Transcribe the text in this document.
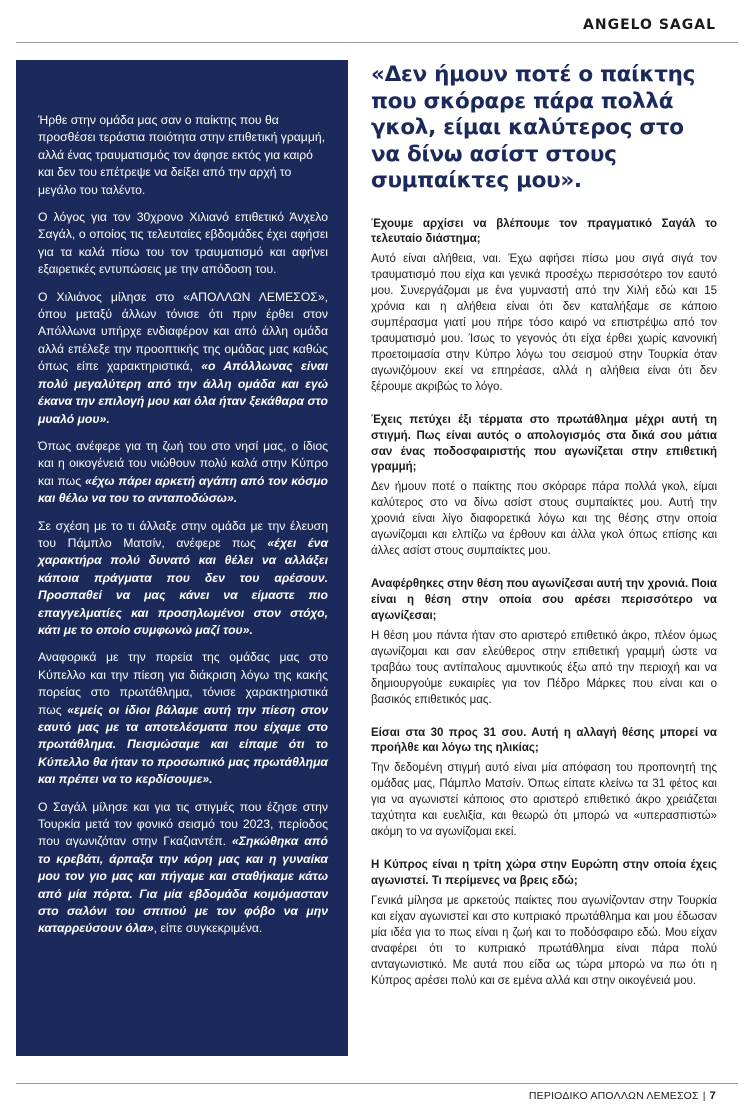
ANGELO SAGAL

Ήρθε στην ομάδα μας σαν ο παίκτης που θα προσθέσει τεράστια ποιότητα στην επιθετική γραμμή, αλλά ένας τραυματισμός τον άφησε εκτός για καιρό και δεν του επέτρεψε να δείξει από την αρχή το μεγάλο του ταλέντο.

Ο λόγος για τον 30χρονο Χιλιανό επιθετικό Άνχελο Σαγάλ, ο οποίος τις τελευταίες εβδομάδες έχει αφήσει για τα καλά πίσω του τον τραυματισμό και αφήνει εξαιρετικές εντυπώσεις με την απόδοση του.

Ο Χιλιάνος μίλησε στο «ΑΠΟΛΛΩΝ ΛΕΜΕΣΟΣ», όπου μεταξύ άλλων τόνισε ότι πριν έρθει στον Απόλλωνα υπήρχε ενδιαφέρον και από άλλη ομάδα αλλά επέλεξε την προοπτικής της ομάδας μας καθώς όπως είπε χαρακτηριστικά, «ο Απόλλωνας είναι πολύ μεγαλύτερη από την άλλη ομάδα και εγώ έκανα την επιλογή μου και όλα ήταν ξεκάθαρα στο μυαλό μου».

Όπως ανέφερε για τη ζωή του στο νησί μας, ο ίδιος και η οικογένειά του νιώθουν πολύ καλά στην Κύπρο και πως «έχω πάρει αρκετή αγάπη από τον κόσμο και θέλω να του το ανταποδώσω».

Σε σχέση με το τι άλλαξε στην ομάδα με την έλευση του Πάμπλο Ματσίν, ανέφερε πως «έχει ένα χαρακτήρα πολύ δυνατό και θέλει να αλλάξει κάποια πράγματα που δεν του αρέσουν. Προσπαθεί να μας κάνει να είμαστε πιο επαγγελματίες και προσηλωμένοι στον στόχο, κάτι με το οποίο συμφωνώ μαζί του».

Αναφορικά με την πορεία της ομάδας μας στο Κύπελλο και την πίεση για διάκριση λόγω της κακής πορείας στο πρωτάθλημα, τόνισε χαρακτηριστικά πως «εμείς οι ίδιοι βάλαμε αυτή την πίεση στον εαυτό μας με τα αποτελέσματα που είχαμε στο πρωτάθλημα. Πεισμώσαμε και είπαμε ότι το Κύπελλο θα ήταν το προσωπικό μας πρωτάθλημα και πρέπει να το κερδίσουμε».

Ο Σαγάλ μίλησε και για τις στιγμές που έζησε στην Τουρκία μετά τον φονικό σεισμό του 2023, περίοδος που αγωνιζόταν στην Γκαζιαντέπ. «Σηκώθηκα από το κρεβάτι, άρπαξα την κόρη μας και η γυναίκα μου τον γιο μας και πήγαμε και σταθήκαμε κάτω από μία πόρτα. Για μία εβδομάδα κοιμόμασταν στο σαλόνι του σπιτιού με τον φόβο να μην καταρρεύσουν όλα», είπε συγκεκριμένα.

«Δεν ήμουν ποτέ ο παίκτης που σκόραρε πάρα πολλά γκολ, είμαι καλύτερος στο να δίνω ασίστ στους συμπαίκτες μου».

Έχουμε αρχίσει να βλέπουμε τον πραγματικό Σαγάλ το τελευταίο διάστημα;

Αυτό είναι αλήθεια, ναι. Έχω αφήσει πίσω μου σιγά σιγά τον τραυματισμό που είχα και γενικά προσέχω περισσότερο τον εαυτό μου. Συνεργάζομαι με ένα γυμναστή από την Χιλή εδώ και 15 χρόνια και η αλήθεια είναι ότι δεν καταλήξαμε σε κάποιο συμπέρασμα γιατί μου πήρε τόσο καιρό να επιστρέψω από τον τραυματισμό μου. Ίσως το γεγονός ότι είχα έρθει χωρίς κανονική προετοιμασία στην Κύπρο λόγω του σεισμού στην Τουρκία όταν αγωνιζόμουν εκεί να επηρέασε, αλλά η αλήθεια είναι ότι δεν ξέρουμε ακριβώς το λόγο.

Έχεις πετύχει έξι τέρματα στο πρωτάθλημα μέχρι αυτή τη στιγμή. Πως είναι αυτός ο απολογισμός στα δικά σου μάτια σαν ένας ποδοσφαιριστής που αγωνίζεται στην επιθετική γραμμή;

Δεν ήμουν ποτέ ο παίκτης που σκόραρε πάρα πολλά γκολ, είμαι καλύτερος στο να δίνω ασίστ στους συμπαίκτες μου. Αυτή την χρονιά είναι λίγο διαφορετικά λόγω και της θέσης στην οποία αγωνίζομαι και ελπίζω να έρθουν και άλλα γκολ όπως επίσης και άλλες ασίστ στους συμπαίκτες μου.

Αναφέρθηκες στην θέση που αγωνίζεσαι αυτή την χρονιά. Ποια είναι η θέση στην οποία σου αρέσει περισσότερο να αγωνίζεσαι;

Η θέση μου πάντα ήταν στο αριστερό επιθετικό άκρο, πλέον όμως αγωνίζομαι και σαν ελεύθερος στην επιθετική γραμμή ώστε να τραβάω τους αντίπαλους αμυντικούς έξω από την περιοχή και να δημιουργούμε ευκαιρίες για τον Πέδρο Μάρκες που είναι και ο βασικός επιθετικός μας.

Είσαι στα 30 προς 31 σου. Αυτή η αλλαγή θέσης μπορεί να προήλθε και λόγω της ηλικίας;

Την δεδομένη στιγμή αυτό είναι μία απόφαση του προπονητή της ομάδας μας, Πάμπλο Ματσίν. Όπως είπατε κλείνω τα 31 φέτος και για να αγωνιστεί κάποιος στο αριστερό επιθετικό άκρο χρειάζεται ταχύτητα και ευελιξία, και θεωρώ ότι μπορώ να «υπερασπιστώ» ακόμη το να αγωνίζομαι εκεί.

Η Κύπρος είναι η τρίτη χώρα στην Ευρώπη στην οποία έχεις αγωνιστεί. Τι περίμενες να βρεις εδώ;

Γενικά μίλησα με αρκετούς παίκτες που αγωνίζονταν στην Τουρκία και είχαν αγωνιστεί και στο κυπριακό πρωτάθλημα και μου έδωσαν μία ιδέα για το πως είναι η ζωή και το ποδόσφαιρο εδώ. Μου είχαν αναφέρει ότι το κυπριακό πρωτάθλημα είναι πάρα πολύ ανταγωνιστικό. Με αυτά που είδα ως τώρα μπορώ να πω ότι η Κύπρος αρέσει πολύ και σε εμένα αλλά και στην οικογένειά μου.

ΠΕΡΙΟΔΙΚΟ ΑΠΟΛΛΩΝ ΛΕΜΕΣΟΣ | 7
